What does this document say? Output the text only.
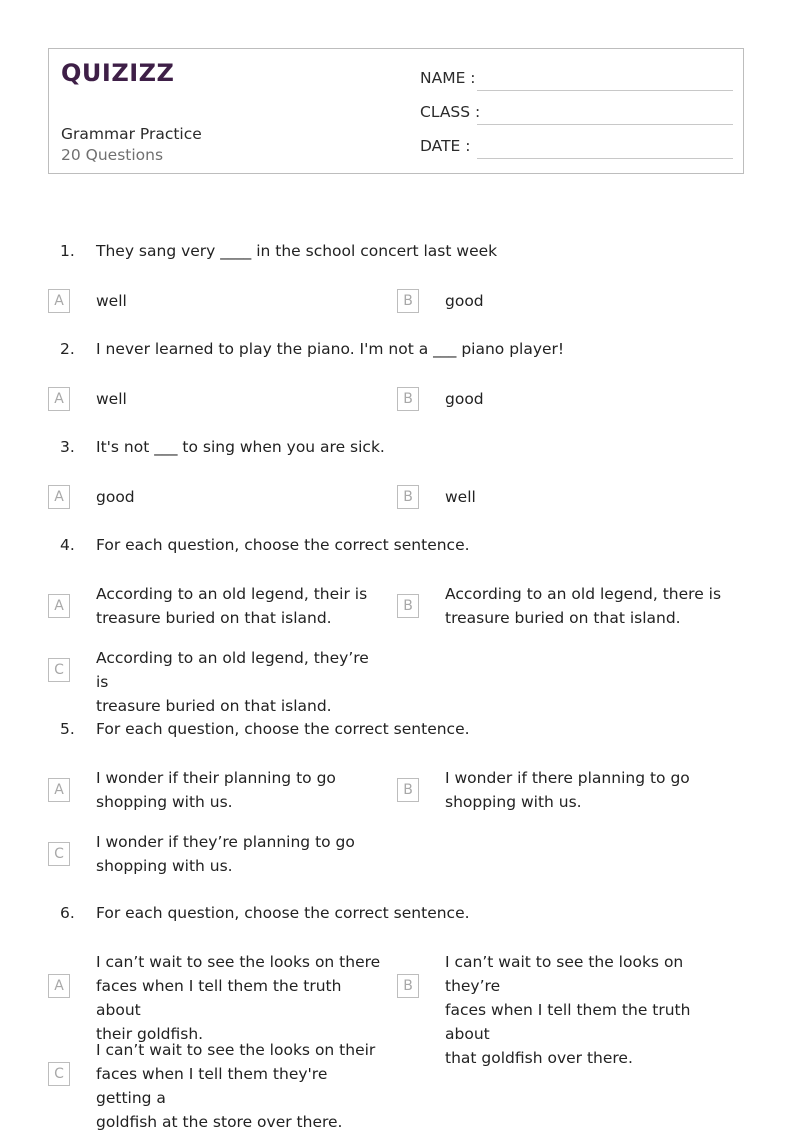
QUIZIZZ
Grammar Practice
20 Questions
NAME :
CLASS :
DATE :
1. They sang very ____ in the school concert last week
A	well	B	good
2. I never learned to play the piano. I'm not a ___ piano player!
A	well	B	good
3. It's not ___ to sing when you are sick.
A	good	B	well
4. For each question, choose the correct sentence.
A
According to an old legend, their is
treasure buried on that island.
B
According to an old legend, there is
treasure buried on that island.
C
According to an old legend, they’re is
treasure buried on that island.
5. For each question, choose the correct sentence.
A
I wonder if their planning to go
shopping with us.
B
I wonder if there planning to go
shopping with us.
C
I wonder if they’re planning to go
shopping with us.
6. For each question, choose the correct sentence.
A
I can’t wait to see the looks on there
faces when I tell them the truth about
their goldfish.
B
I can’t wait to see the looks on they’re
faces when I tell them the truth about
that goldfish over there.
C
I can’t wait to see the looks on their
faces when I tell them they're getting a
goldfish at the store over there.
